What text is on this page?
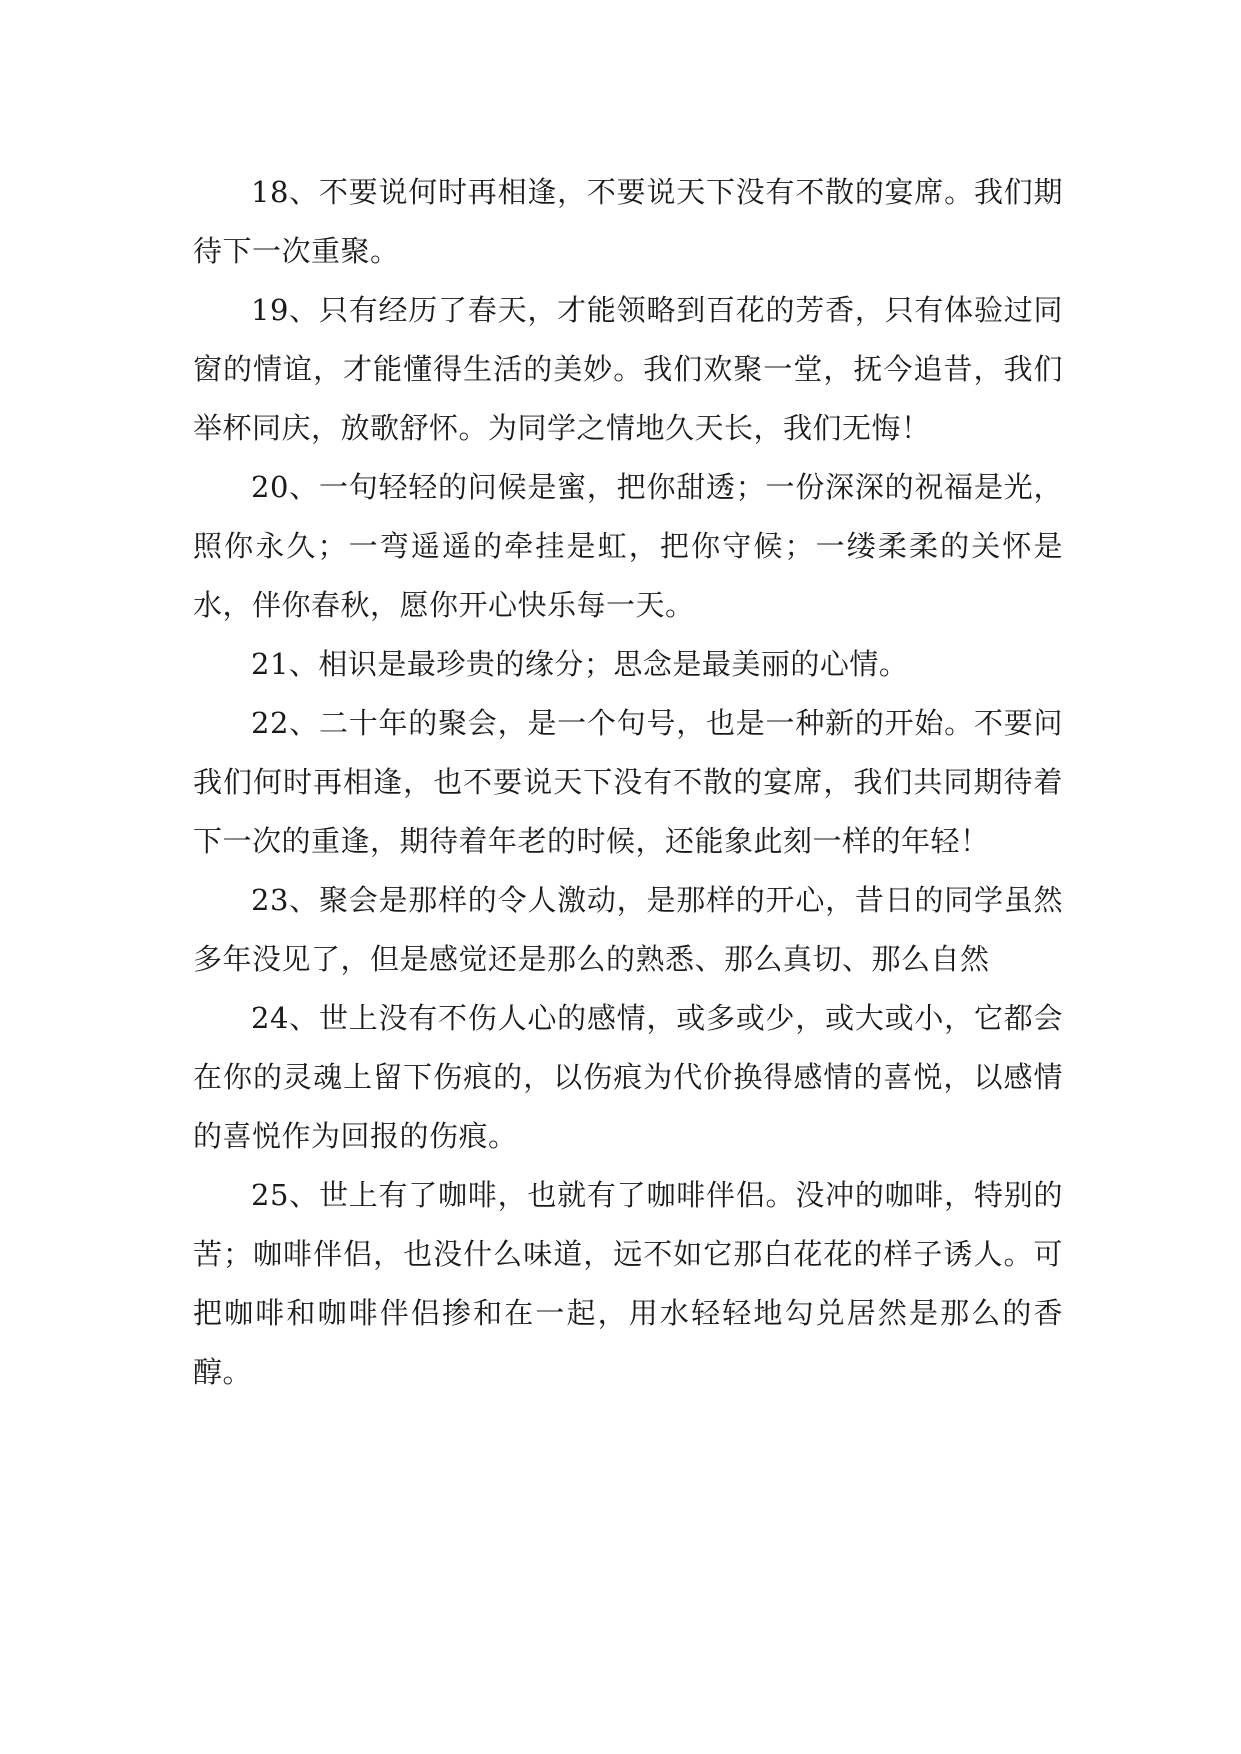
18、不要说何时再相逢，不要说天下没有不散的宴席。我们期待下一次重聚。

19、只有经历了春天，才能领略到百花的芳香，只有体验过同窗的情谊，才能懂得生活的美妙。我们欢聚一堂，抚今追昔，我们举杯同庆，放歌舒怀。为同学之情地久天长，我们无悔！

20、一句轻轻的问候是蜜，把你甜透；一份深深的祝福是光，照你永久；一弯遥遥的牵挂是虹，把你守候；一缕柔柔的关怀是水，伴你春秋，愿你开心快乐每一天。

21、相识是最珍贵的缘分；思念是最美丽的心情。

22、二十年的聚会，是一个句号，也是一种新的开始。不要问我们何时再相逢，也不要说天下没有不散的宴席，我们共同期待着下一次的重逢，期待着年老的时候，还能象此刻一样的年轻！

23、聚会是那样的令人激动，是那样的开心，昔日的同学虽然多年没见了，但是感觉还是那么的熟悉、那么真切、那么自然

24、世上没有不伤人心的感情，或多或少，或大或小，它都会在你的灵魂上留下伤痕的，以伤痕为代价换得感情的喜悦，以感情的喜悦作为回报的伤痕。

25、世上有了咖啡，也就有了咖啡伴侣。没冲的咖啡，特别的苦；咖啡伴侣，也没什么味道，远不如它那白花花的样子诱人。可把咖啡和咖啡伴侣掺和在一起，用水轻轻地勾兑居然是那么的香醇。
